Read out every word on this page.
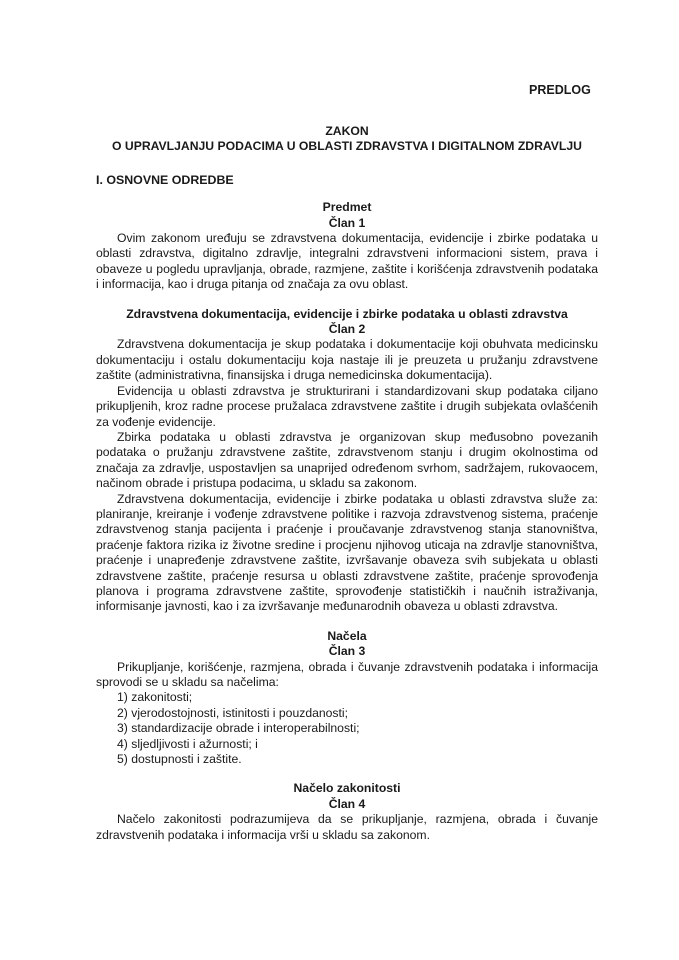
PREDLOG
ZAKON
O UPRAVLJANJU PODACIMA U OBLASTI ZDRAVSTVA I DIGITALNOM ZDRAVLJU
I. OSNOVNE ODREDBE
Predmet
Član 1

Ovim zakonom uređuju se zdravstvena dokumentacija, evidencije i zbirke podataka u oblasti zdravstva, digitalno zdravlje, integralni zdravstveni informacioni sistem, prava i obaveze u pogledu upravljanja, obrade, razmjene, zaštite i korišćenja zdravstvenih podataka i informacija, kao i druga pitanja od značaja za ovu oblast.

Zdravstvena dokumentacija, evidencije i zbirke podataka u oblasti zdravstva
Član 2

Zdravstvena dokumentacija je skup podataka i dokumentacije koji obuhvata medicinsku dokumentaciju i ostalu dokumentaciju koja nastaje ili je preuzeta u pružanju zdravstvene zaštite (administrativna, finansijska i druga nemedicinska dokumentacija).

Evidencija u oblasti zdravstva je strukturirani i standardizovani skup podataka ciljano prikupljenih, kroz radne procese pružalaca zdravstvene zaštite i drugih subjekata ovlašćenih za vođenje evidencije.

Zbirka podataka u oblasti zdravstva je organizovan skup međusobno povezanih podataka o pružanju zdravstvene zaštite, zdravstvenom stanju i drugim okolnostima od značaja za zdravlje, uspostavljen sa unaprijed određenom svrhom, sadržajem, rukovaocem, načinom obrade i pristupa podacima, u skladu sa zakonom.

Zdravstvena dokumentacija, evidencije i zbirke podataka u oblasti zdravstva služe za: planiranje, kreiranje i vođenje zdravstvene politike i razvoja zdravstvenog sistema, praćenje zdravstvenog stanja pacijenta i praćenje i proučavanje zdravstvenog stanja stanovništva, praćenje faktora rizika iz životne sredine i procjenu njihovog uticaja na zdravlje stanovništva, praćenje i unapređenje zdravstvene zaštite, izvršavanje obaveza svih subjekata u oblasti zdravstvene zaštite, praćenje resursa u oblasti zdravstvene zaštite, praćenje sprovođenja planova i programa zdravstvene zaštite, sprovođenje statističkih i naučnih istraživanja, informisanje javnosti, kao i za izvršavanje međunarodnih obaveza u oblasti zdravstva.

Načela
Član 3

Prikupljanje, korišćenje, razmjena, obrada i čuvanje zdravstvenih podataka i informacija sprovodi se u skladu sa načelima:

1) zakonitosti;
2) vjerodostojnosti, istinitosti i pouzdanosti;
3) standardizacije obrade i interoperabilnosti;
4) sljedljivosti i ažurnosti; i
5) dostupnosti i zaštite.
Načelo zakonitosti
Član 4

Načelo zakonitosti podrazumijeva da se prikupljanje, razmjena, obrada i čuvanje zdravstvenih podataka i informacija vrši u skladu sa zakonom.
